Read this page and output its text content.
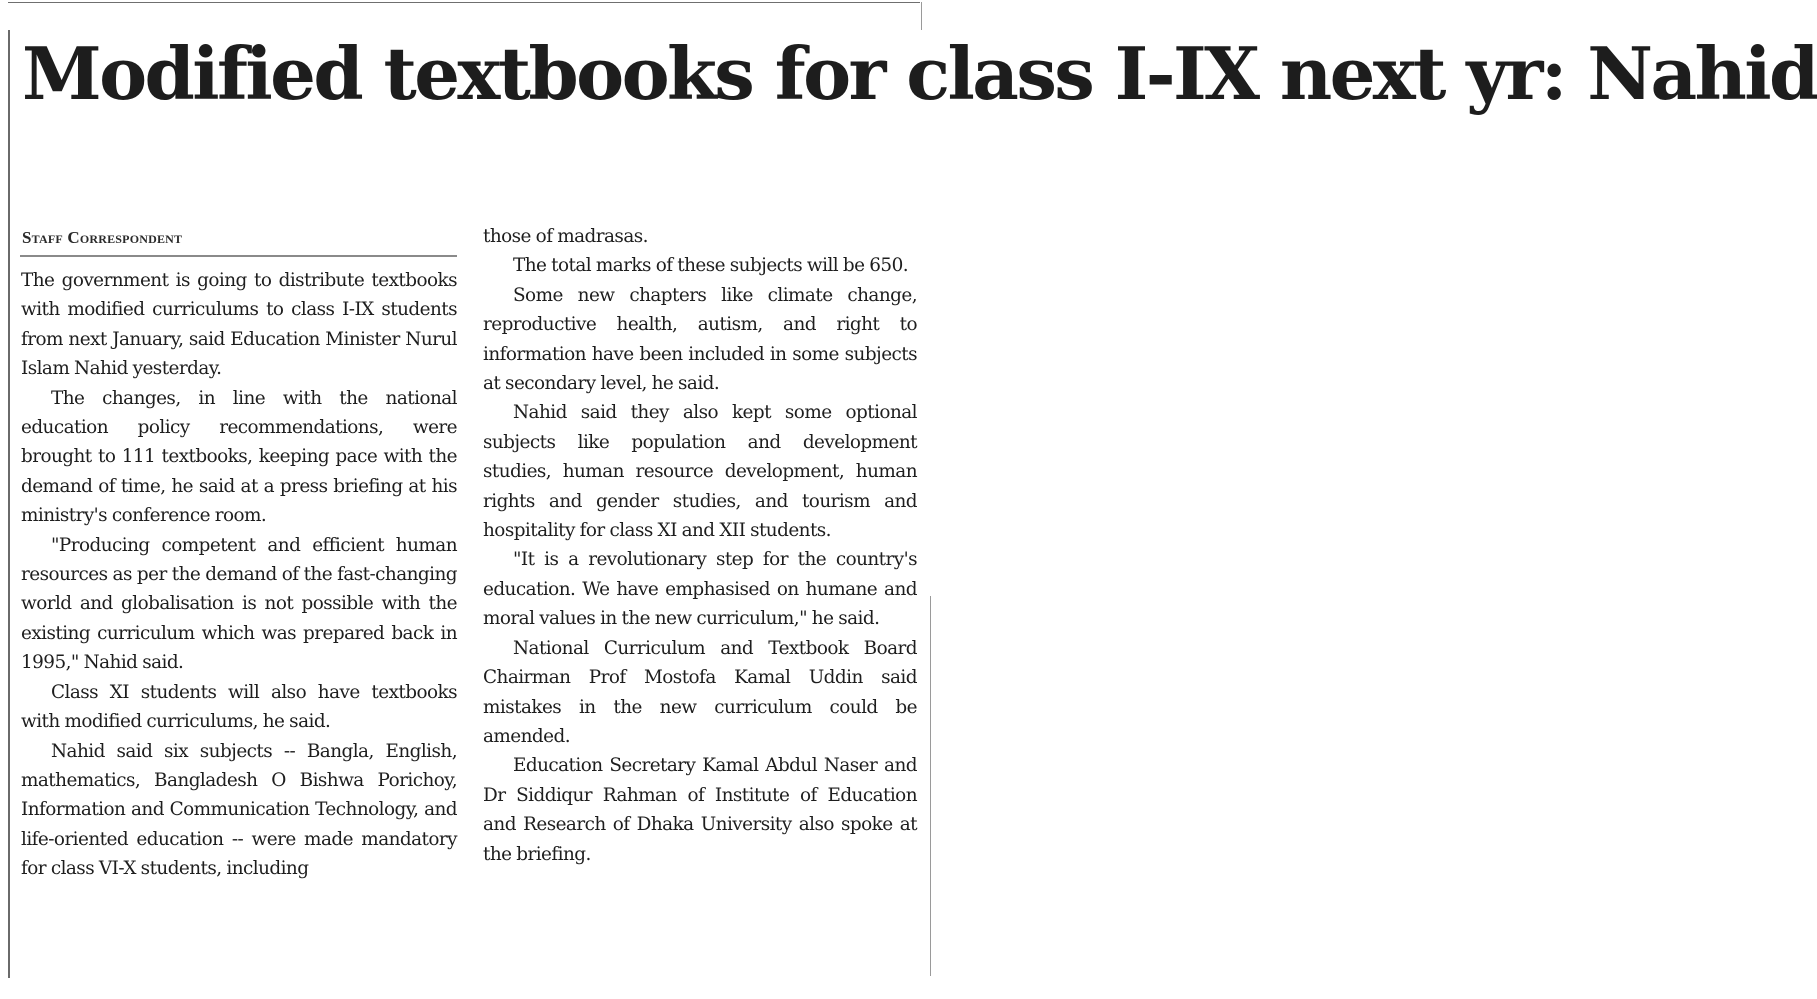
Modified textbooks for class I-IX next yr: Nahid
Staff Correspondent

The government is going to distribute textbooks with modified curriculums to class I-IX students from next January, said Education Minister Nurul Islam Nahid yesterday.

The changes, in line with the national education policy recommendations, were brought to 111 textbooks, keeping pace with the demand of time, he said at a press briefing at his ministry's conference room.

"Producing competent and efficient human resources as per the demand of the fast-changing world and globalisation is not possible with the existing curriculum which was prepared back in 1995," Nahid said.

Class XI students will also have textbooks with modified curriculums, he said.

Nahid said six subjects -- Bangla, English, mathematics, Bangladesh O Bishwa Porichoy, Information and Communication Technology, and life-oriented education -- were made mandatory for class VI-X students, including

those of madrasas.

The total marks of these subjects will be 650.

Some new chapters like climate change, reproductive health, autism, and right to information have been included in some subjects at secondary level, he said.

Nahid said they also kept some optional subjects like population and development studies, human resource development, human rights and gender studies, and tourism and hospitality for class XI and XII students.

"It is a revolutionary step for the country's education. We have emphasised on humane and moral values in the new curriculum," he said.

National Curriculum and Textbook Board Chairman Prof Mostofa Kamal Uddin said mistakes in the new curriculum could be amended.

Education Secretary Kamal Abdul Naser and Dr Siddiqur Rahman of Institute of Education and Research of Dhaka University also spoke at the briefing.
